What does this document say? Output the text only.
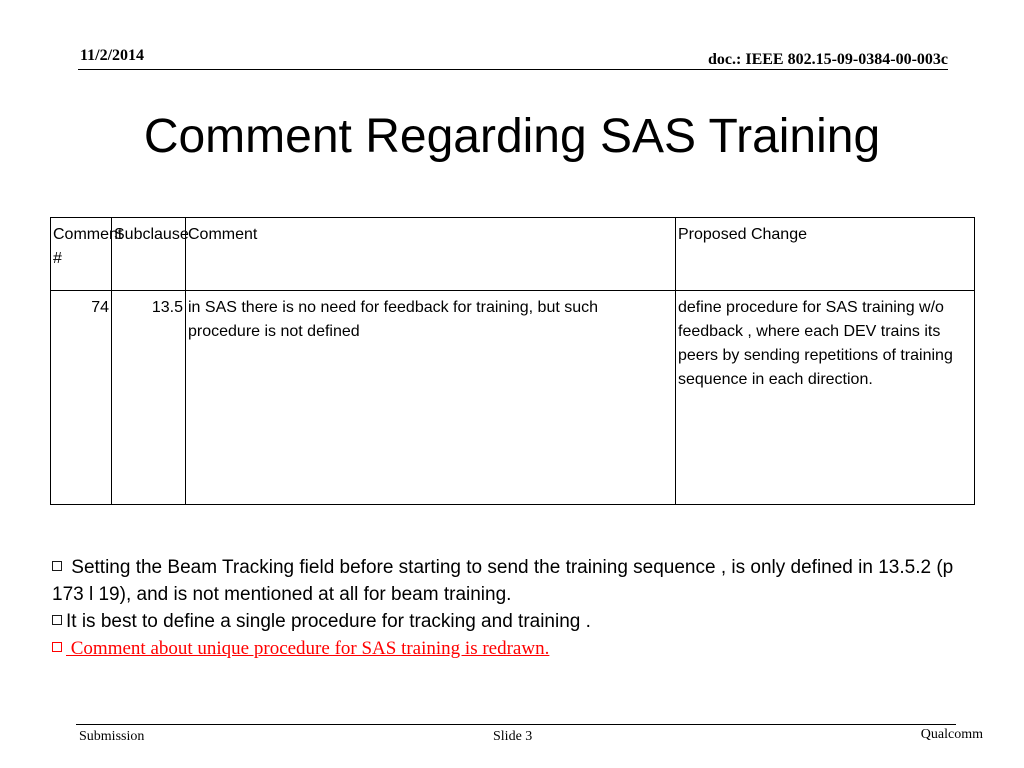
11/2/2014	doc.: IEEE 802.15-09-0384-00-003c
Comment Regarding SAS Training
Comment #	Subclause	Comment	Proposed Change
74	13.5	in SAS there is no need for feedback for training, but such procedure is not defined	define procedure for SAS training w/o feedback , where each DEV trains its peers by sending repetitions of training sequence in each direction.

Setting the Beam Tracking field before starting to send the training sequence , is only defined in 13.5.2 (p 173 l 19), and is not mentioned at all for beam training.

It is best to define a single procedure for tracking and training .

Comment about unique procedure for SAS training is redrawn.

Submission	Slide 3	Qualcomm
